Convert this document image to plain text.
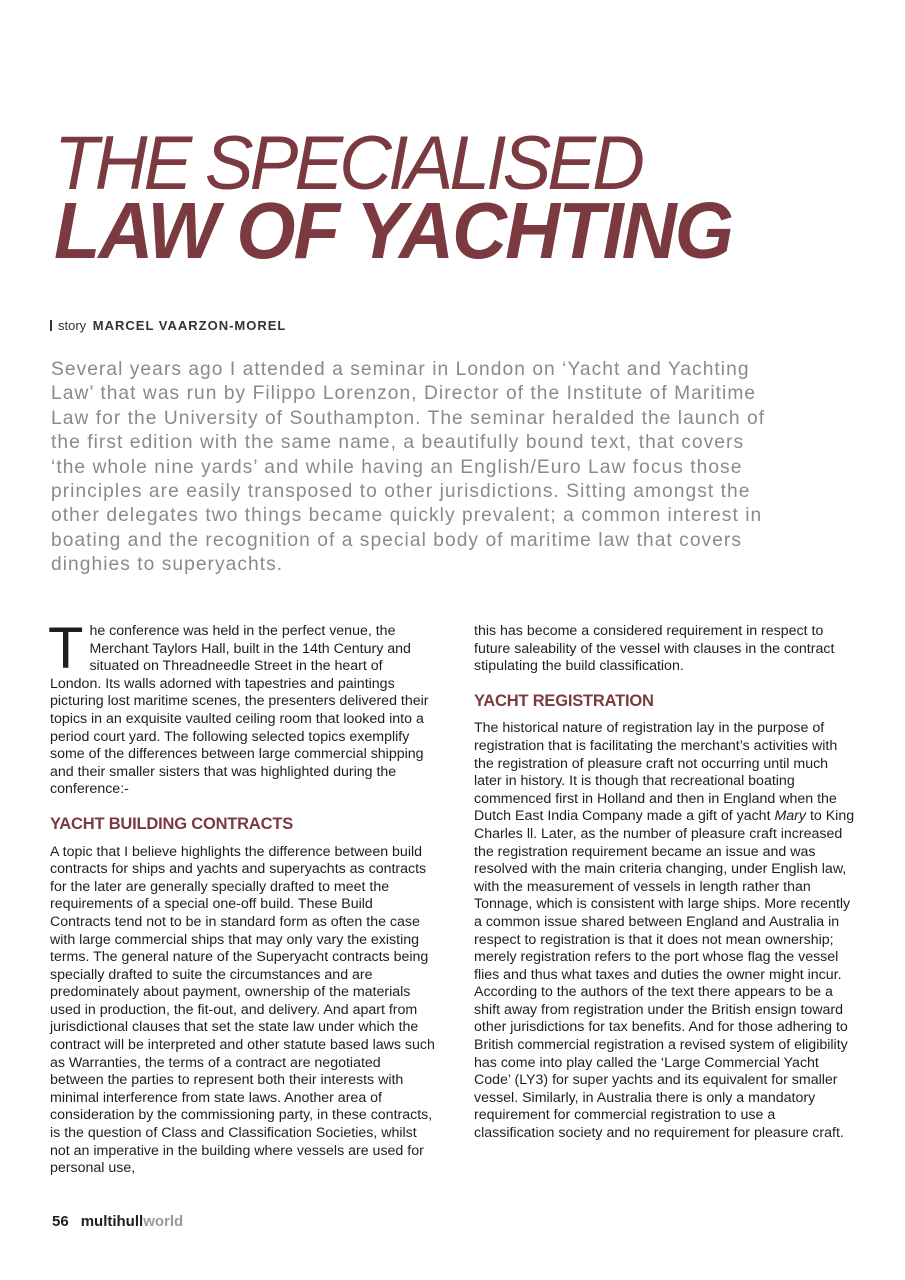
THE SPECIALISED
LAW OF YACHTING
story MARCEL VAARZON-MOREL

Several years ago I attended a seminar in London on ‘Yacht and Yachting Law’ that was run by Filippo Lorenzon, Director of the Institute of Maritime Law for the University of Southampton. The seminar heralded the launch of the first edition with the same name, a beautifully bound text, that covers ‘the whole nine yards’ and while having an English/Euro Law focus those principles are easily transposed to other jurisdictions. Sitting amongst the other delegates two things became quickly prevalent; a common interest in boating and the recognition of a special body of maritime law that covers dinghies to superyachts.

The conference was held in the perfect venue, the Merchant Taylors Hall, built in the 14th Century and situated on Threadneedle Street in the heart of London. Its walls adorned with tapestries and paintings picturing lost maritime scenes, the presenters delivered their topics in an exquisite vaulted ceiling room that looked into a period court yard. The following selected topics exemplify some of the differences between large commercial shipping and their smaller sisters that was highlighted during the conference:-

YACHT BUILDING CONTRACTS

A topic that I believe highlights the difference between build contracts for ships and yachts and superyachts as contracts for the later are generally specially drafted to meet the requirements of a special one-off build. These Build Contracts tend not to be in standard form as often the case with large commercial ships that may only vary the existing terms. The general nature of the Superyacht contracts being specially drafted to suite the circumstances and are predominately about payment, ownership of the materials used in production, the fit-out, and delivery. And apart from jurisdictional clauses that set the state law under which the contract will be interpreted and other statute based laws such as Warranties, the terms of a contract are negotiated between the parties to represent both their interests with minimal interference from state laws. Another area of consideration by the commissioning party, in these contracts, is the question of Class and Classification Societies, whilst not an imperative in the building where vessels are used for personal use,

this has become a considered requirement in respect to future saleability of the vessel with clauses in the contract stipulating the build classification.

YACHT REGISTRATION

The historical nature of registration lay in the purpose of registration that is facilitating the merchant’s activities with the registration of pleasure craft not occurring until much later in history. It is though that recreational boating commenced first in Holland and then in England when the Dutch East India Company made a gift of yacht Mary to King Charles ll. Later, as the number of pleasure craft increased the registration requirement became an issue and was resolved with the main criteria changing, under English law, with the measurement of vessels in length rather than Tonnage, which is consistent with large ships. More recently a common issue shared between England and Australia in respect to registration is that it does not mean ownership; merely registration refers to the port whose flag the vessel flies and thus what taxes and duties the owner might incur. According to the authors of the text there appears to be a shift away from registration under the British ensign toward other jurisdictions for tax benefits. And for those adhering to British commercial registration a revised system of eligibility has come into play called the ‘Large Commercial Yacht Code’ (LY3) for super yachts and its equivalent for smaller vessel. Similarly, in Australia there is only a mandatory requirement for commercial registration to use a classification society and no requirement for pleasure craft.

56 multihullworld
